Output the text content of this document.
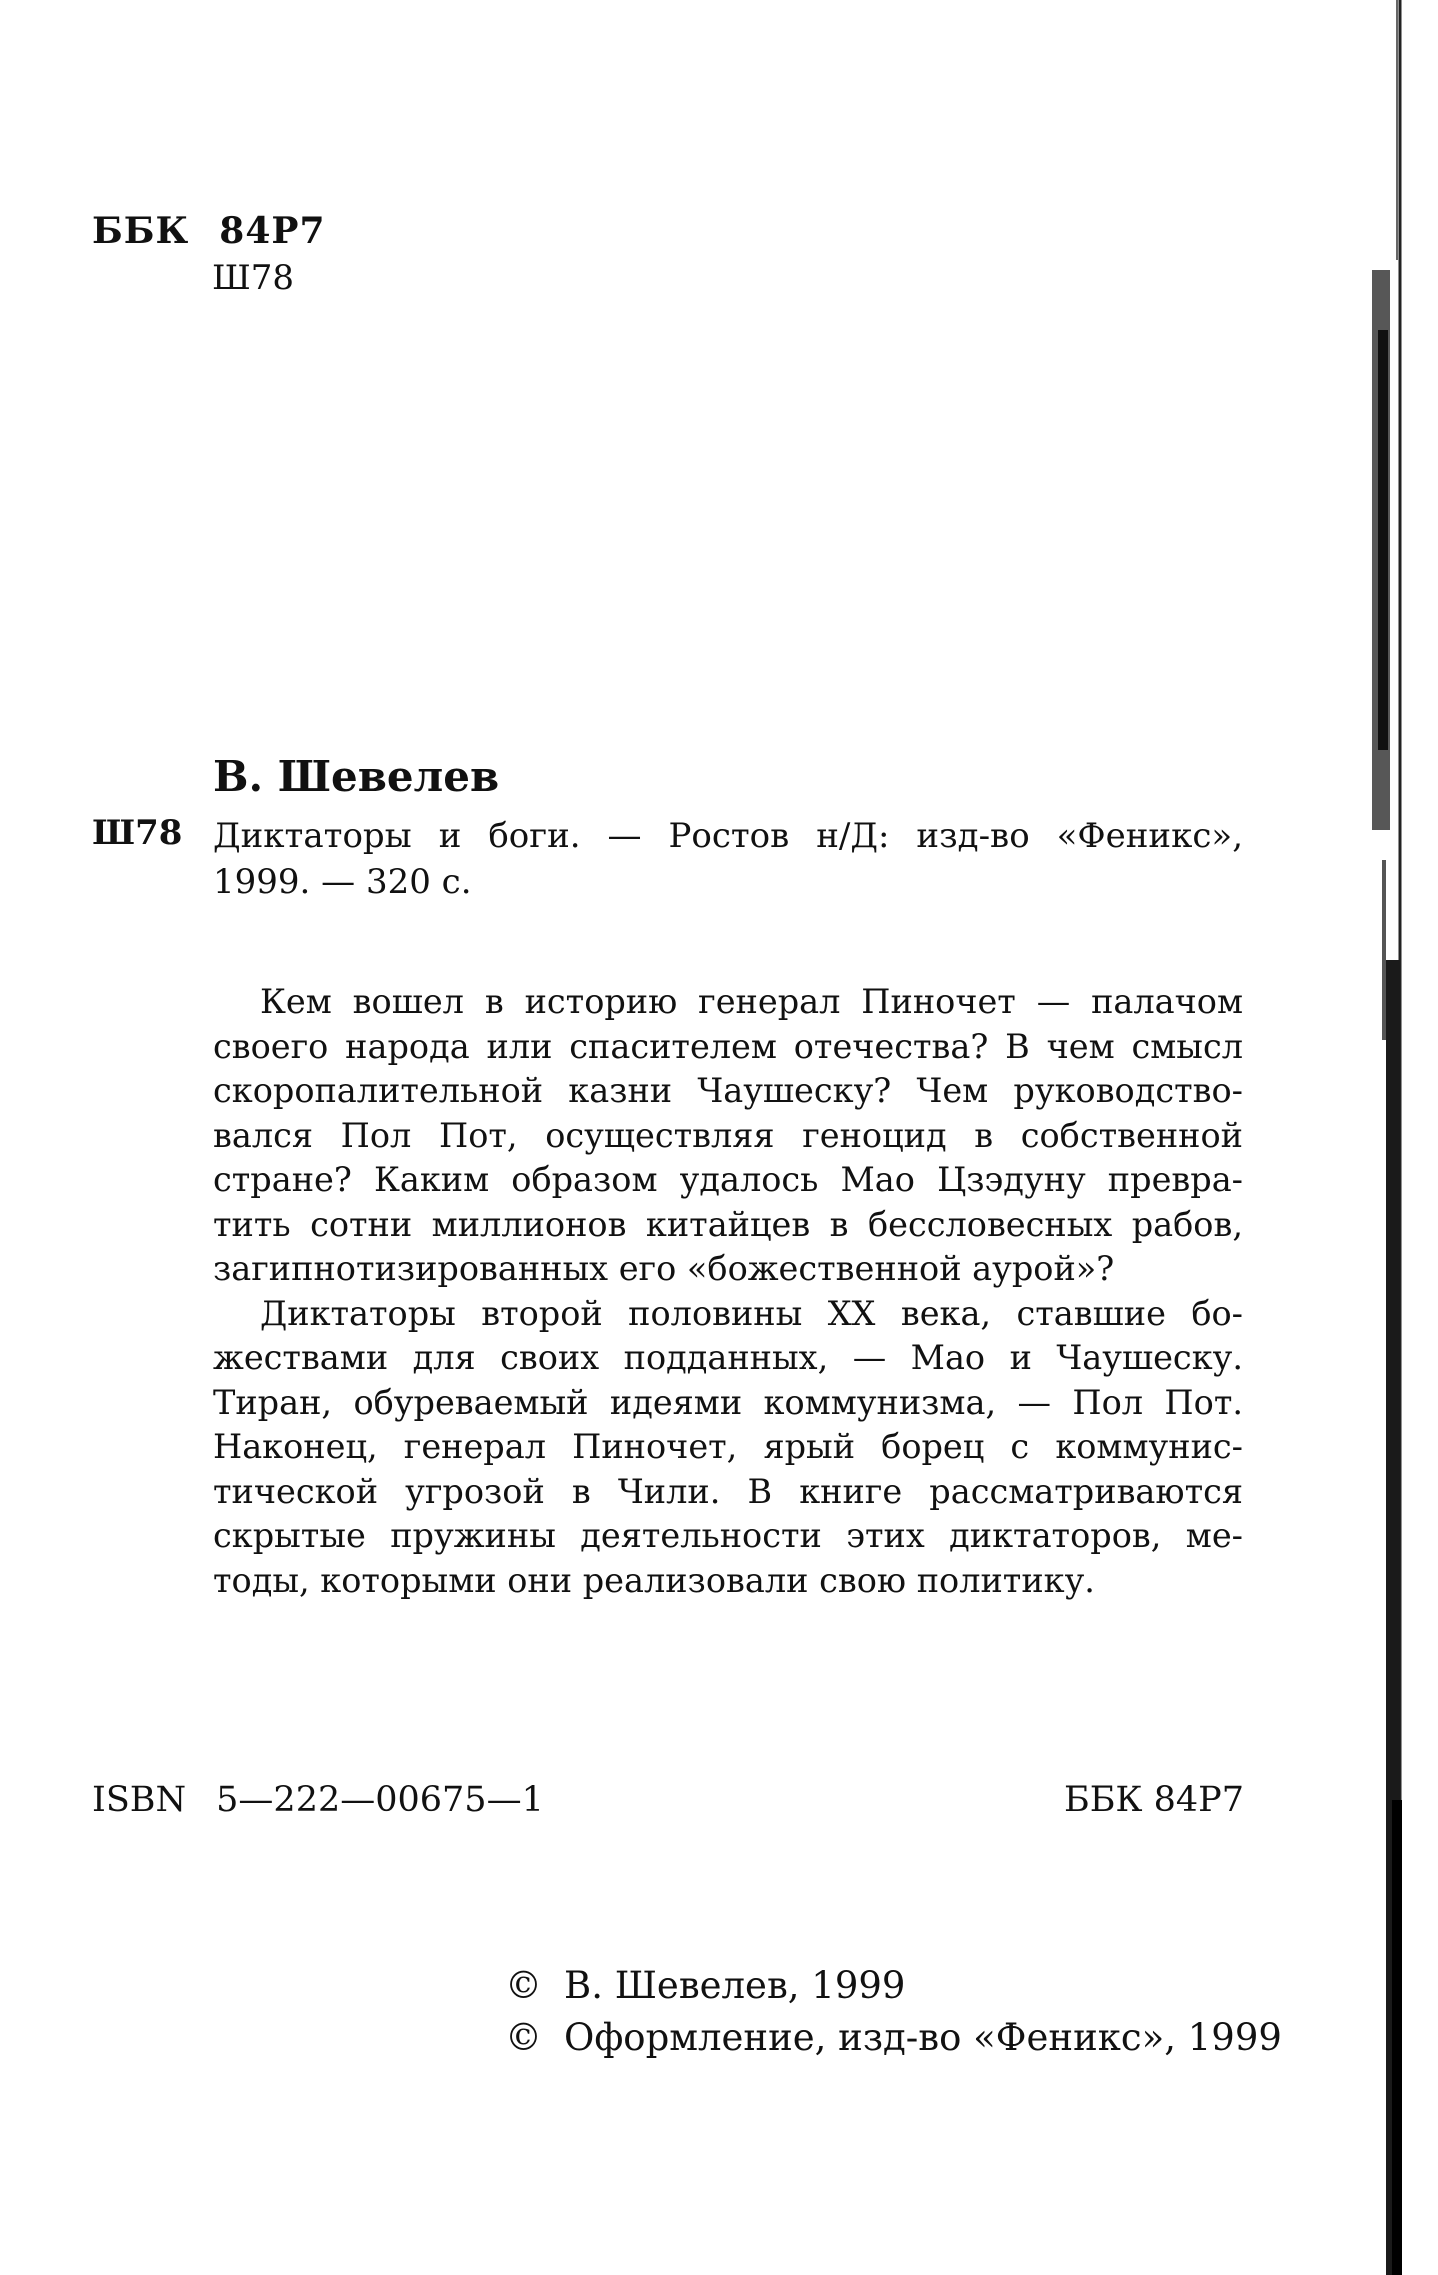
ББК 84Р7
Ш78
В. Шевелев
Ш78 Диктаторы и боги. — Ростов н/Д: изд-во «Феникс»,
1999. — 320 с.

Кем вошел в историю генерал Пиночет — палачом
своего народа или спасителем отечества? В чем смысл
скоропалительной казни Чаушеску? Чем руководство-
вался Пол Пот, осуществляя геноцид в собственной
стране? Каким образом удалось Мао Цзэдуну превра-
тить сотни миллионов китайцев в бессловесных рабов,
загипнотизированных его «божественной аурой»?

Диктаторы второй половины XX века, ставшие бо-
жествами для своих подданных, — Мао и Чаушеску.
Тиран, обуреваемый идеями коммунизма, — Пол Пот.
Наконец, генерал Пиночет, ярый борец с коммунис-
тической угрозой в Чили. В книге рассматриваются
скрытые пружины деятельности этих диктаторов, ме-
тоды, которыми они реализовали свою политику.

ISBN 5—222—00675—1	ББК 84Р7
© В. Шевелев, 1999
© Оформление, изд-во «Феникс», 1999
